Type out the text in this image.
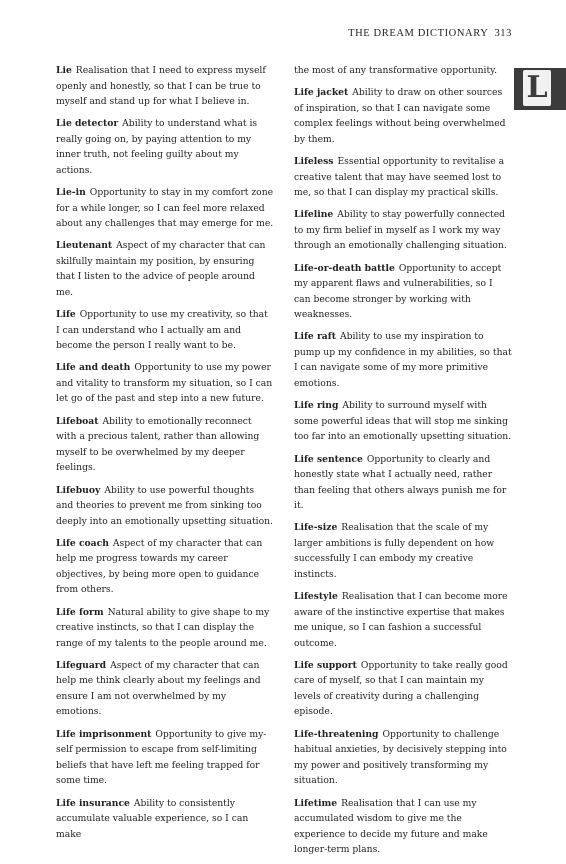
THE DREAM DICTIONARY 313
L
Lie Realisation that I need to express myself openly and honestly, so that I can be true to myself and stand up for what I believe in.
Lie detector Ability to understand what is really going on, by paying attention to my inner truth, not feeling guilty about my actions.
Lie-in Opportunity to stay in my comfort zone for a while longer, so I can feel more relaxed about any challenges that may emerge for me.
Lieutenant Aspect of my character that can skilfully maintain my position, by ensuring that I listen to the advice of people around me.
Life Opportunity to use my creativity, so that I can understand who I actually am and become the person I really want to be.
Life and death Opportunity to use my power and vitality to transform my situation, so I can let go of the past and step into a new future.
Lifeboat Ability to emotionally reconnect with a precious talent, rather than allowing myself to be overwhelmed by my deeper feelings.
Lifebuoy Ability to use powerful thoughts and theories to prevent me from sinking too deeply into an emotionally upsetting situation.
Life coach Aspect of my character that can help me progress towards my career objectives, by being more open to guidance from others.
Life form Natural ability to give shape to my creative instincts, so that I can display the range of my talents to the people around me.
Lifeguard Aspect of my character that can help me think clearly about my feelings and ensure I am not overwhelmed by my emotions.
Life imprisonment Opportunity to give my-self permission to escape from self-limiting beliefs that have left me feeling trapped for some time.
Life insurance Ability to consistently accumulate valuable experience, so I can make
the most of any transformative opportunity.
Life jacket Ability to draw on other sources of inspiration, so that I can navigate some complex feelings without being overwhelmed by them.
Lifeless Essential opportunity to revitalise a creative talent that may have seemed lost to me, so that I can display my practical skills.
Lifeline Ability to stay powerfully connected to my firm belief in myself as I work my way through an emotionally challenging situation.
Life-or-death battle Opportunity to accept my apparent flaws and vulnerabilities, so I can become stronger by working with weaknesses.
Life raft Ability to use my inspiration to pump up my confidence in my abilities, so that I can navigate some of my more primitive emotions.
Life ring Ability to surround myself with some powerful ideas that will stop me sinking too far into an emotionally upsetting situation.
Life sentence Opportunity to clearly and honestly state what I actually need, rather than feeling that others always punish me for it.
Life-size Realisation that the scale of my larger ambitions is fully dependent on how successfully I can embody my creative instincts.
Lifestyle Realisation that I can become more aware of the instinctive expertise that makes me unique, so I can fashion a successful outcome.
Life support Opportunity to take really good care of myself, so that I can maintain my levels of creativity during a challenging episode.
Life-threatening Opportunity to challenge habitual anxieties, by decisively stepping into my power and positively transforming my situation.
Lifetime Realisation that I can use my accumulated wisdom to give me the experience to decide my future and make longer-term plans.
